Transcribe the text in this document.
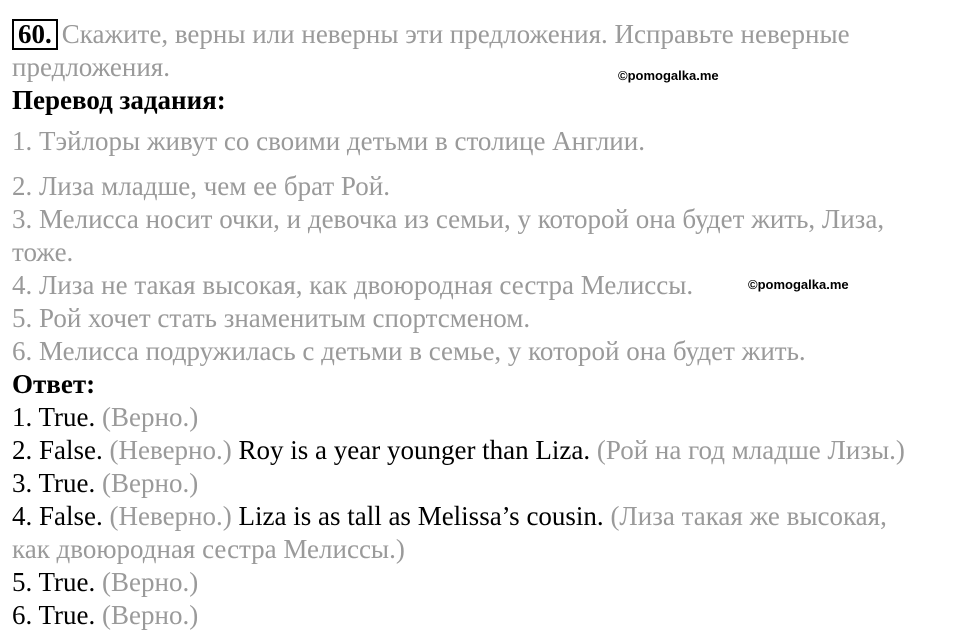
60. Скажите, верны или неверны эти предложения. Исправьте неверные
предложения.
Перевод задания:
1. Тэйлоры живут со своими детьми в столице Англии.
2. Лиза младше, чем ее брат Рой.
3. Мелисса носит очки, и девочка из семьи, у которой она будет жить, Лиза,
тоже.
4. Лиза не такая высокая, как двоюродная сестра Мелиссы.
5. Рой хочет стать знаменитым спортсменом.
6. Мелисса подружилась с детьми в семье, у которой она будет жить.
Ответ:
1. True. (Верно.)
2. False. (Неверно.) Roy is a year younger than Liza. (Рой на год младше Лизы.)
3. True. (Верно.)
4. False. (Неверно.) Liza is as tall as Melissa’s cousin. (Лиза такая же высокая,
как двоюродная сестра Мелиссы.)
5. True. (Верно.)
6. True. (Верно.)
©pomogalka.me
©pomogalka.me
